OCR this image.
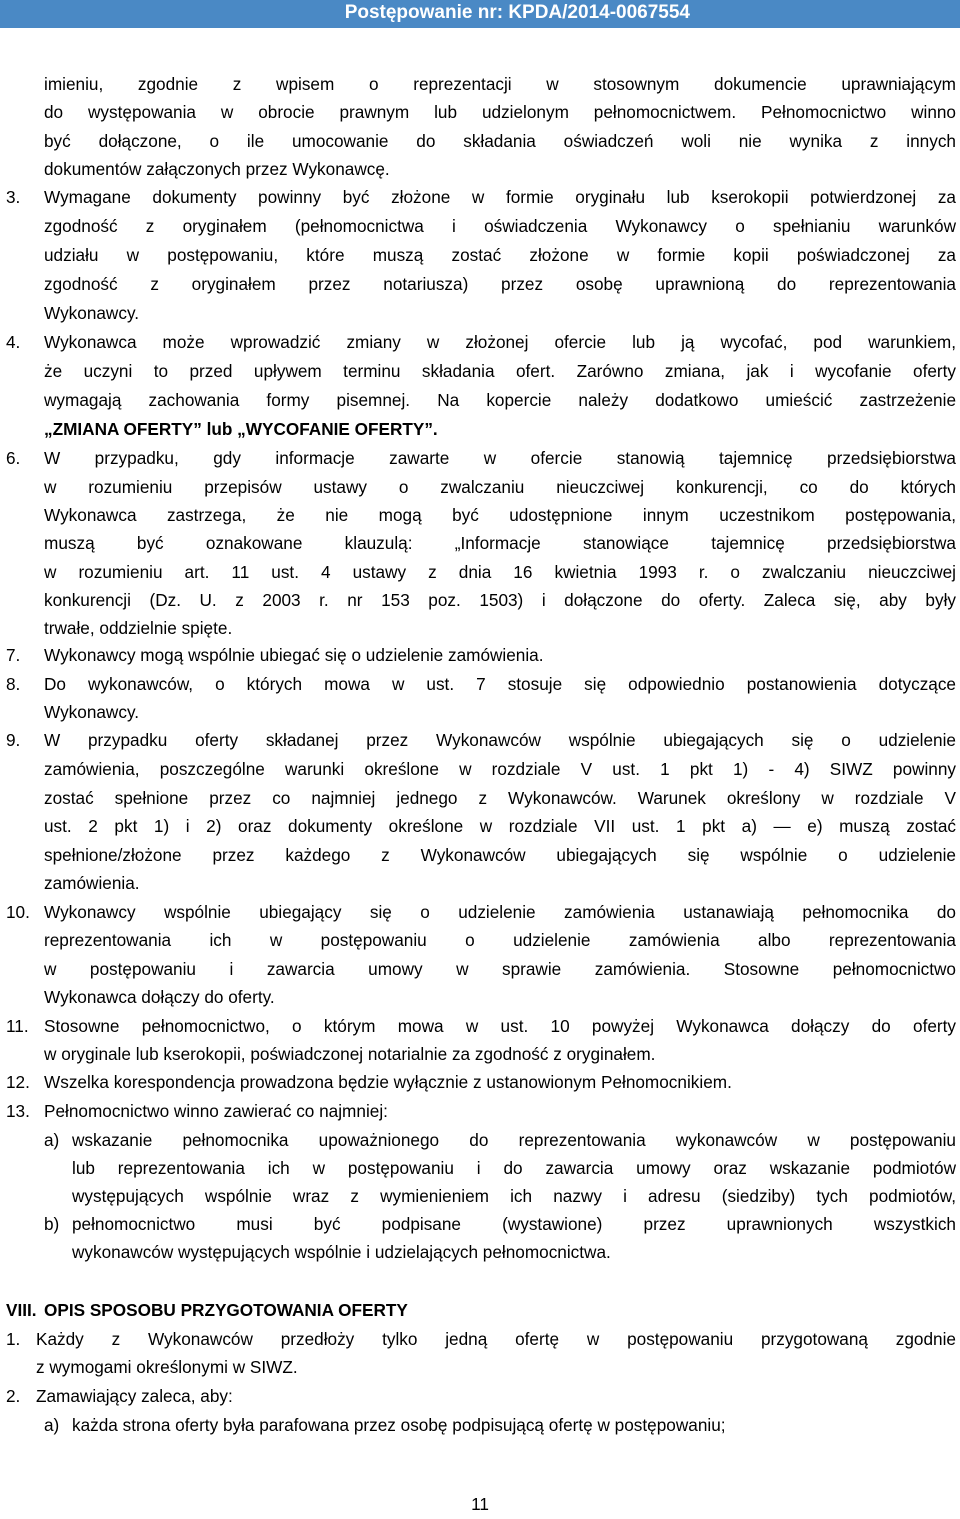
Postępowanie nr: KPDA/2014-0067554
3.
4.
6.
7.
8.
9.
10.
11.
12.
13.
a)
b)
VIII.
1.
2.
a)
imieniu, zgodnie z wpisem o reprezentacji w stosownym dokumencie uprawniającym
do występowania w obrocie prawnym lub udzielonym pełnomocnictwem. Pełnomocnictwo winno
być dołączone, o ile umocowanie do składania oświadczeń woli nie wynika z innych
dokumentów załączonych przez Wykonawcę.
Wymagane dokumenty powinny być złożone w formie oryginału lub kserokopii potwierdzonej za
zgodność z oryginałem (pełnomocnictwa i oświadczenia Wykonawcy o spełnianiu warunków
udziału w postępowaniu, które muszą zostać złożone w formie kopii poświadczonej za
zgodność z oryginałem przez notariusza) przez osobę uprawnioną do reprezentowania
Wykonawcy.
Wykonawca może wprowadzić zmiany w złożonej ofercie lub ją wycofać, pod warunkiem,
że uczyni to przed upływem terminu składania ofert. Zarówno zmiana, jak i wycofanie oferty
wymagają zachowania formy pisemnej. Na kopercie należy dodatkowo umieścić zastrzeżenie
„ZMIANA OFERTY” lub „WYCOFANIE OFERTY”.
W przypadku, gdy informacje zawarte w ofercie stanowią tajemnicę przedsiębiorstwa
w rozumieniu przepisów ustawy o zwalczaniu nieuczciwej konkurencji, co do których
Wykonawca zastrzega, że nie mogą być udostępnione innym uczestnikom postępowania,
muszą być oznakowane klauzulą: „Informacje stanowiące tajemnicę przedsiębiorstwa
w rozumieniu art. 11 ust. 4 ustawy z dnia 16 kwietnia 1993 r. o zwalczaniu nieuczciwej
konkurencji (Dz. U. z 2003 r. nr 153 poz. 1503) i dołączone do oferty. Zaleca się, aby były
trwałe, oddzielnie spięte.
Wykonawcy mogą wspólnie ubiegać się o udzielenie zamówienia.
Do wykonawców, o których mowa w ust. 7 stosuje się odpowiednio postanowienia dotyczące
Wykonawcy.
W przypadku oferty składanej przez Wykonawców wspólnie ubiegających się o udzielenie
zamówienia, poszczególne warunki określone w rozdziale V ust. 1 pkt 1) - 4) SIWZ powinny
zostać spełnione przez co najmniej jednego z Wykonawców. Warunek określony w rozdziale V
ust. 2 pkt 1) i 2) oraz dokumenty określone w rozdziale VII ust. 1 pkt a) — e) muszą zostać
spełnione/złożone przez każdego z Wykonawców ubiegających się wspólnie o udzielenie
zamówienia.
Wykonawcy wspólnie ubiegający się o udzielenie zamówienia ustanawiają pełnomocnika do
reprezentowania ich w postępowaniu o udzielenie zamówienia albo reprezentowania
w postępowaniu i zawarcia umowy w sprawie zamówienia. Stosowne pełnomocnictwo
Wykonawca dołączy do oferty.
Stosowne pełnomocnictwo, o którym mowa w ust. 10 powyżej Wykonawca dołączy do oferty
w oryginale lub kserokopii, poświadczonej notarialnie za zgodność z oryginałem.
Wszelka korespondencja prowadzona będzie wyłącznie z ustanowionym Pełnomocnikiem.
Pełnomocnictwo winno zawierać co najmniej:
wskazanie pełnomocnika upoważnionego do reprezentowania wykonawców w postępowaniu
lub reprezentowania ich w postępowaniu i do zawarcia umowy oraz wskazanie podmiotów
występujących wspólnie wraz z wymienieniem ich nazwy i adresu (siedziby) tych podmiotów,
pełnomocnictwo musi być podpisane (wystawione) przez uprawnionych wszystkich
wykonawców występujących wspólnie i udzielających pełnomocnictwa.
OPIS SPOSOBU PRZYGOTOWANIA OFERTY
Każdy z Wykonawców przedłoży tylko jedną ofertę w postępowaniu przygotowaną zgodnie
z wymogami określonymi w SIWZ.
Zamawiający zaleca, aby:
każda strona oferty była parafowana przez osobę podpisującą ofertę w postępowaniu;
11
